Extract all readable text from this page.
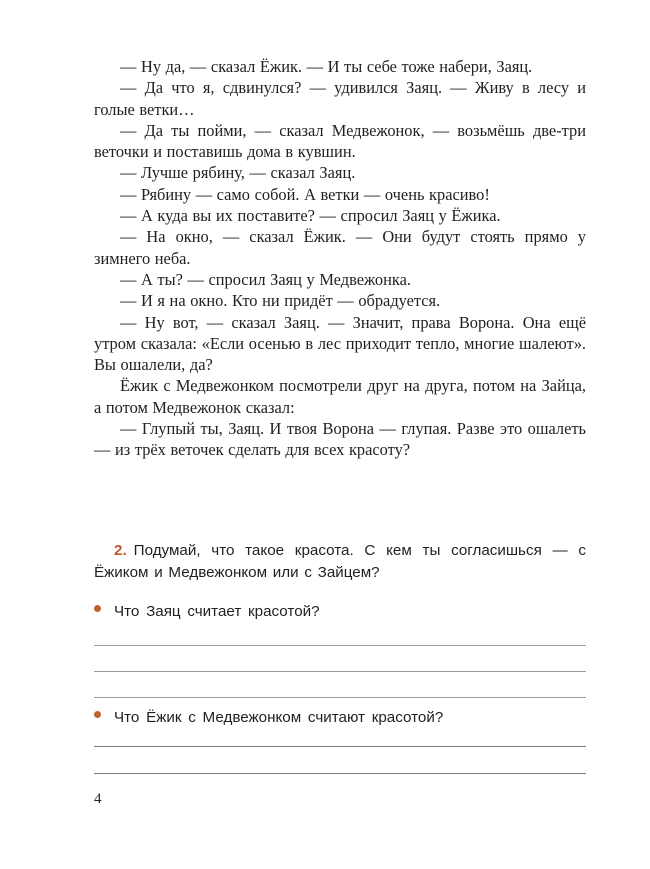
— Ну да, — сказал Ёжик. — И ты себе тоже набери, Заяц.

— Да что я, сдвинулся? — удивился Заяц. — Живу в лесу и голые ветки…

— Да ты пойми, — сказал Медвежонок, — возьмёшь две-три веточки и поставишь дома в кувшин.

— Лучше рябину, — сказал Заяц.

— Рябину — само собой. А ветки — очень красиво!

— А куда вы их поставите? — спросил Заяц у Ёжика.

— На окно, — сказал Ёжик. — Они будут стоять прямо у зимнего неба.

— А ты? — спросил Заяц у Медвежонка.

— И я на окно. Кто ни придёт — обрадуется.

— Ну вот, — сказал Заяц. — Значит, права Ворона. Она ещё утром сказала: «Если осенью в лес приходит тепло, многие шалеют». Вы ошалели, да?

Ёжик с Медвежонком посмотрели друг на друга, потом на Зайца, а потом Медвежонок сказал:

— Глупый ты, Заяц. И твоя Ворона — глупая. Разве это ошалеть — из трёх веточек сделать для всех красоту?

2. Подумай, что такое красота. С кем ты согласишься — с Ёжиком и Медвежонком или с Зайцем?

Что Заяц считает красотой?
Что Ёжик с Медвежонком считают красотой?
4
